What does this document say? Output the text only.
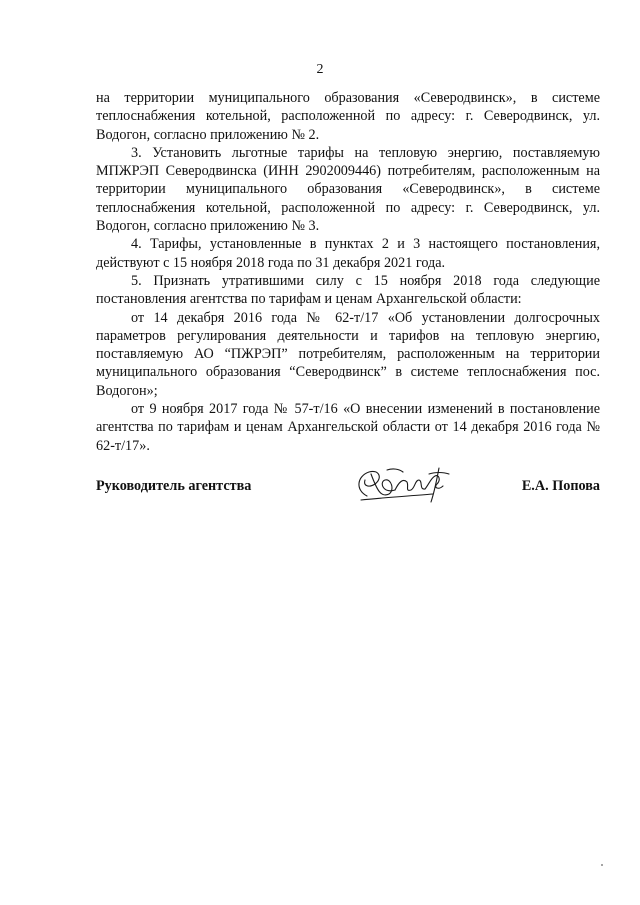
2

на территории муниципального образования «Северодвинск», в системе теплоснабжения котельной, расположенной по адресу: г. Северодвинск, ул. Водогон, согласно приложению № 2.

3. Установить льготные тарифы на тепловую энергию, поставляемую МПЖРЭП Северодвинска (ИНН 2902009446) потребителям, расположенным на территории муниципального образования «Северодвинск», в системе теплоснабжения котельной, расположенной по адресу: г. Северодвинск, ул. Водогон, согласно приложению № 3.

4. Тарифы, установленные в пунктах 2 и 3 настоящего постановления, действуют с 15 ноября 2018 года по 31 декабря 2021 года.

5. Признать утратившими силу с 15 ноября 2018 года следующие постановления агентства по тарифам и ценам Архангельской области:

от 14 декабря 2016 года № 62-т/17 «Об установлении долгосрочных параметров регулирования деятельности и тарифов на тепловую энергию, поставляемую АО “ПЖРЭП” потребителям, расположенным на территории муниципального образования “Северодвинск” в системе теплоснабжения пос. Водогон»;

от 9 ноября 2017 года № 57-т/16 «О внесении изменений в постановление агентства по тарифам и ценам Архангельской области от 14 декабря 2016 года № 62-т/17».

Руководитель агентства	Е.А. Попова
